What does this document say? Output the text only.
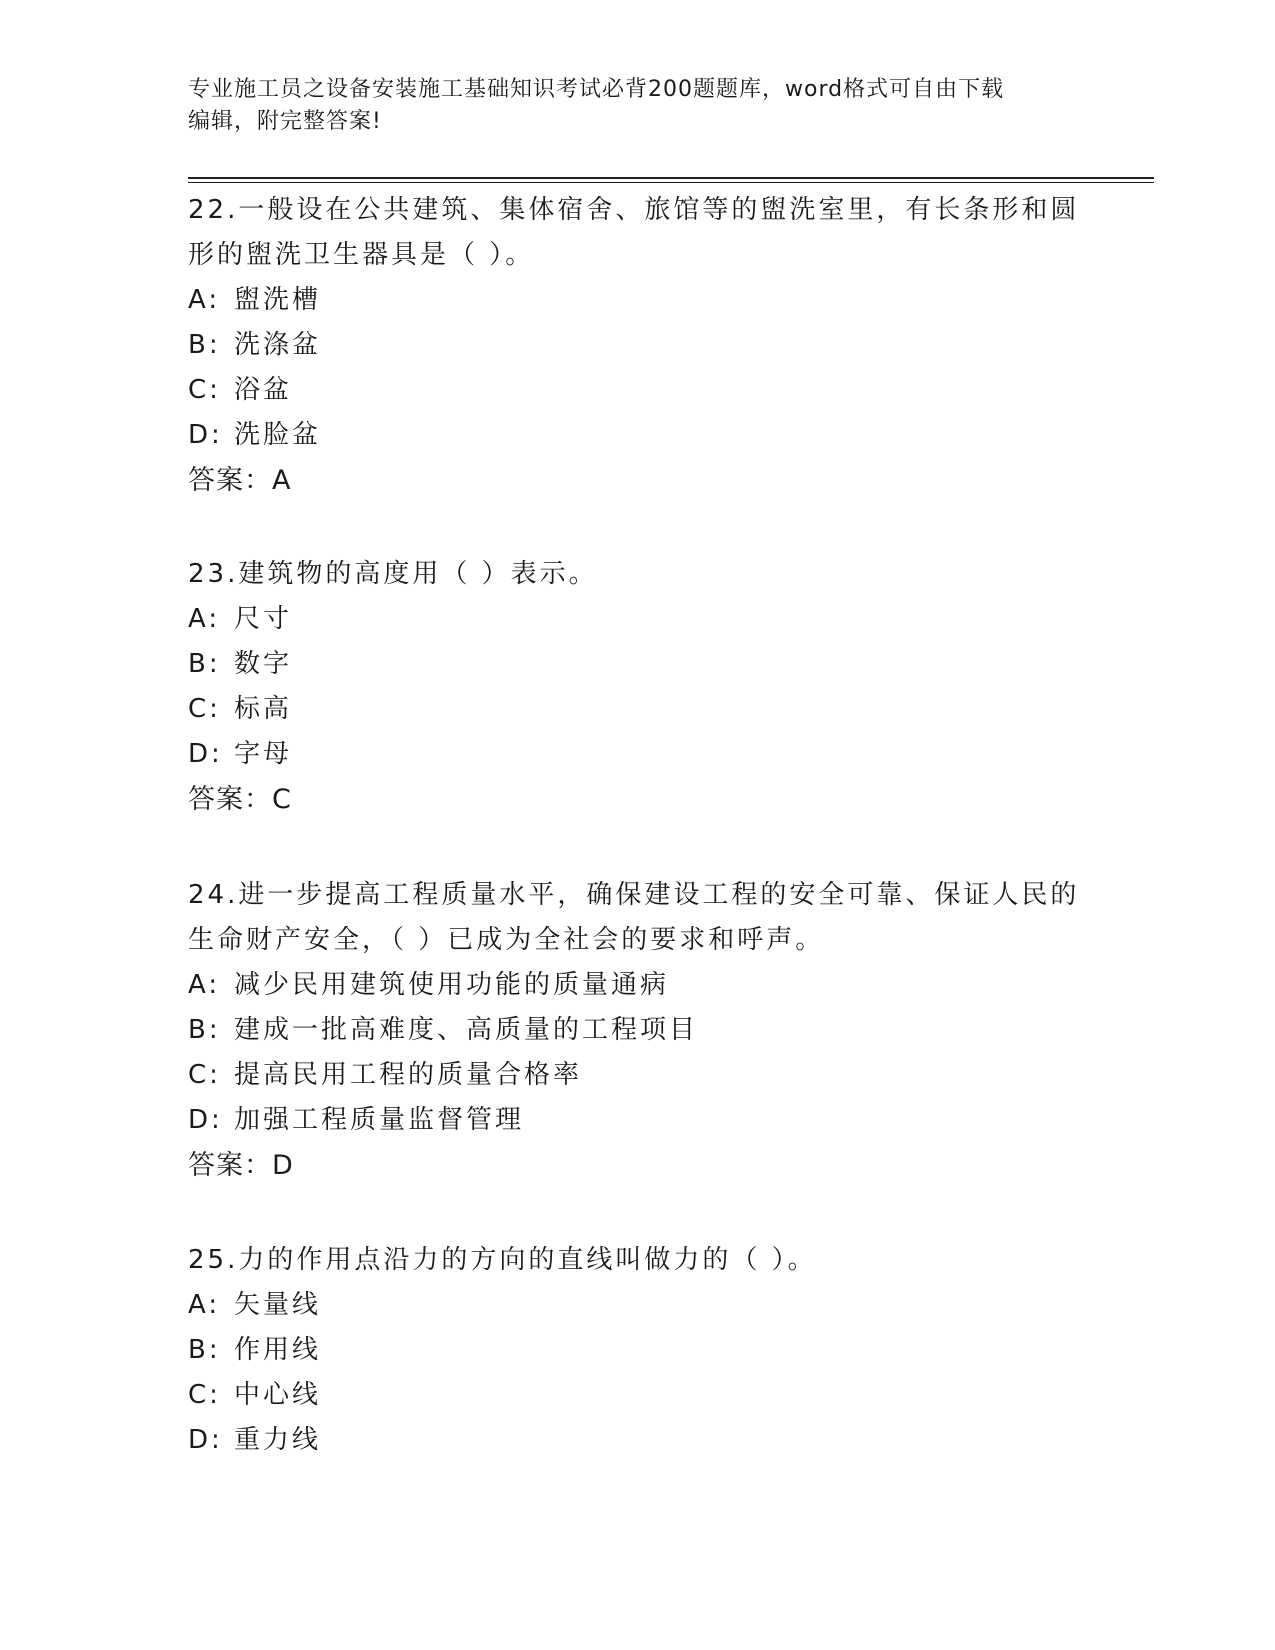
专业施工员之设备安装施工基础知识考试必背200题题库，word格式可自由下载
编辑，附完整答案!

22.一般设在公共建筑、集体宿舍、旅馆等的盥洗室里，有长条形和圆形的盥洗卫生器具是（ ）。

A: 盥洗槽

B: 洗涤盆

C: 浴盆

D: 洗脸盆

答案：A

23.建筑物的高度用（ ）表示。

A: 尺寸

B: 数字

C: 标高

D: 字母

答案：C

24.进一步提高工程质量水平，确保建设工程的安全可靠、保证人民的生命财产安全，（ ）已成为全社会的要求和呼声。

A: 减少民用建筑使用功能的质量通病

B: 建成一批高难度、高质量的工程项目

C: 提高民用工程的质量合格率

D: 加强工程质量监督管理

答案：D

25.力的作用点沿力的方向的直线叫做力的（ ）。

A: 矢量线

B: 作用线

C: 中心线

D: 重力线
